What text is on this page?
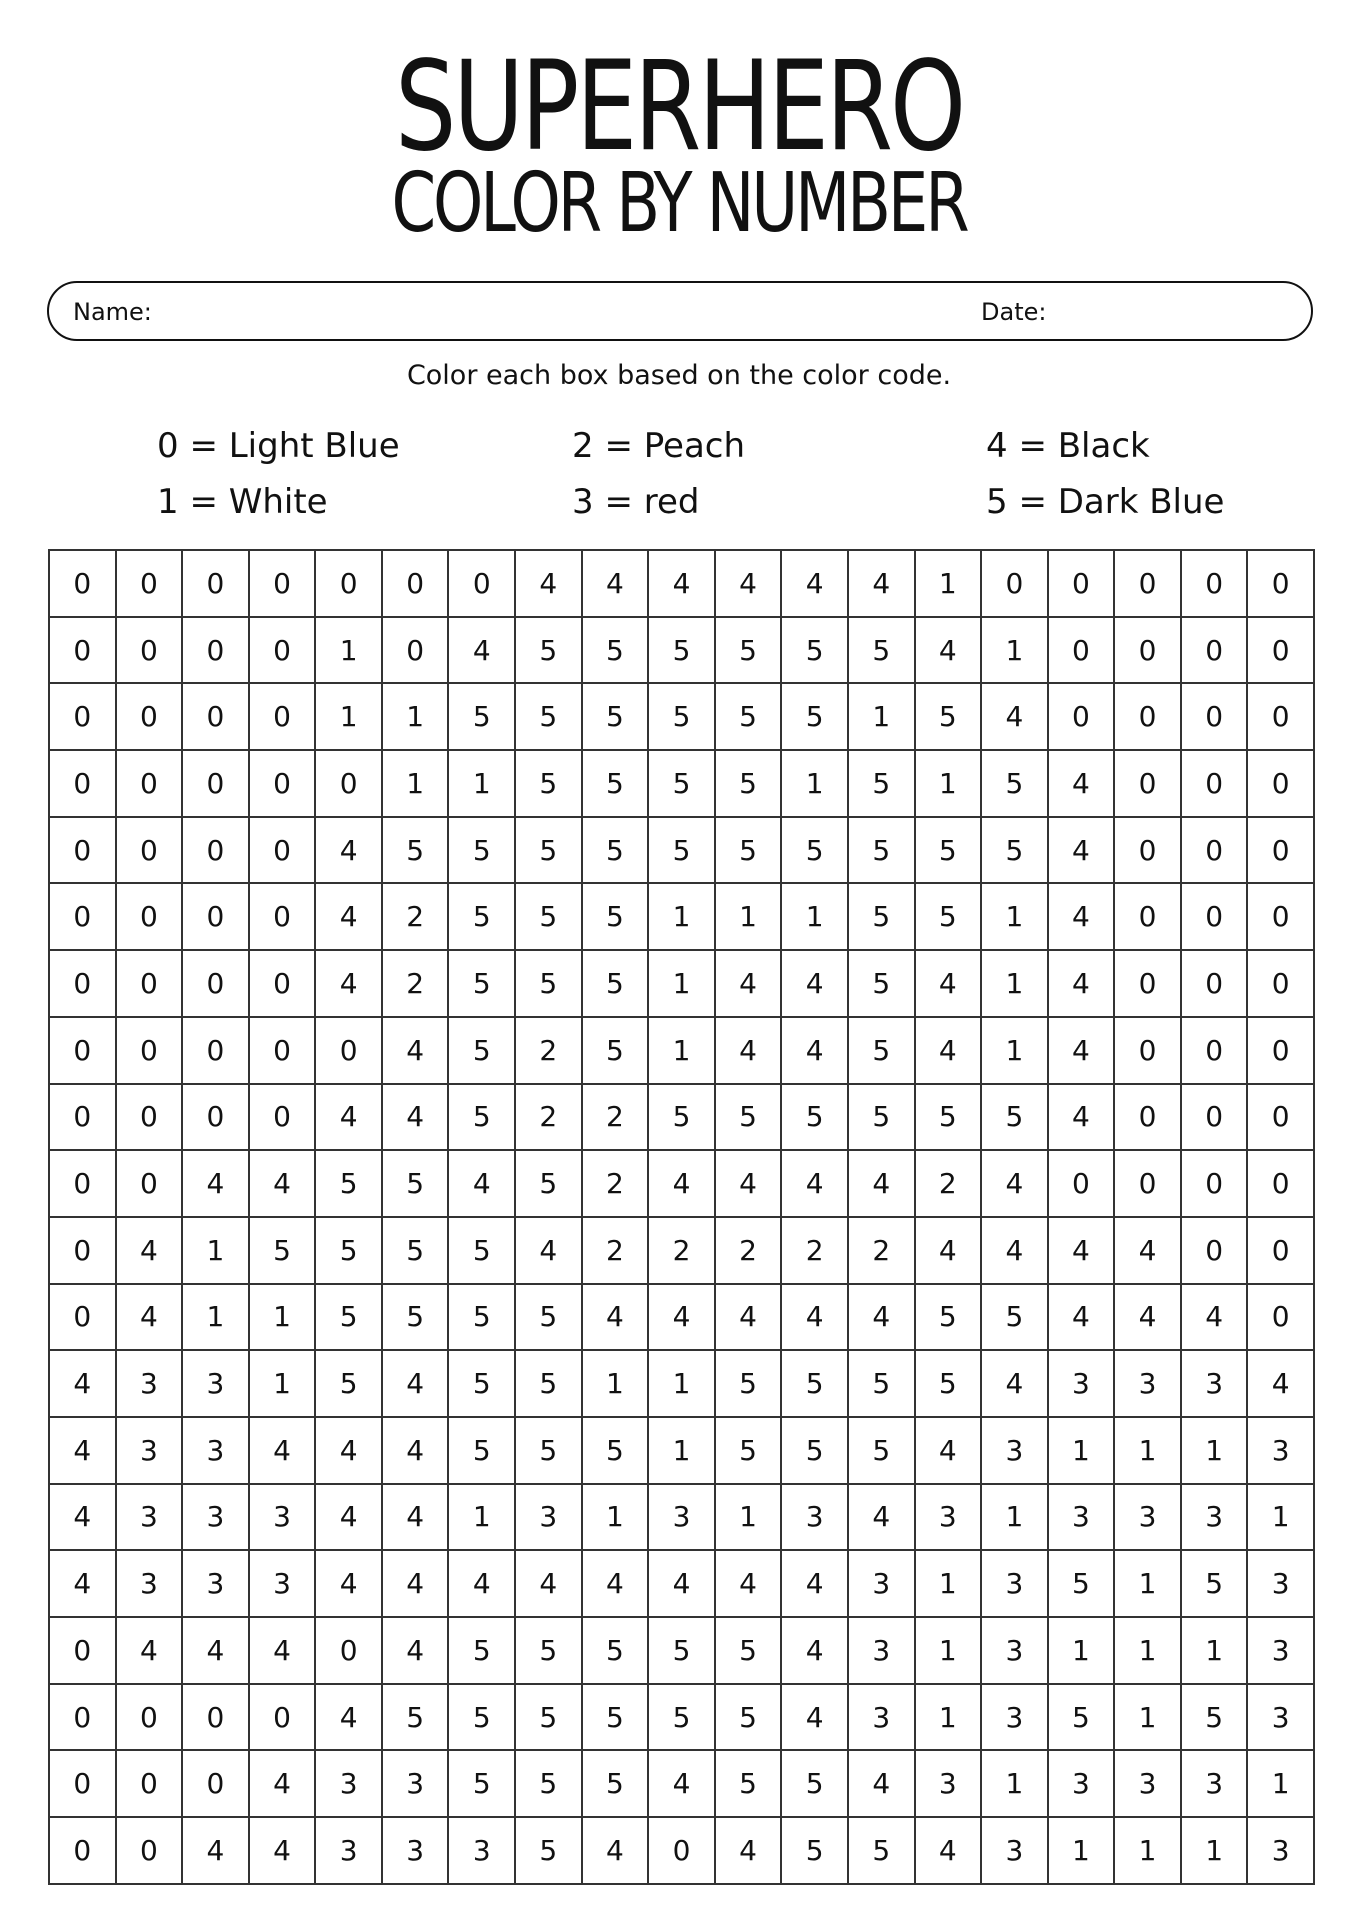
SUPERHERO
COLOR BY NUMBER
Name:	Date:
Color each box based on the color code.
0 = Light Blue
1 = White
2 = Peach
3 = red
4 = Black
5 = Dark Blue
0	0	0	0	0	0	0	4	4	4	4	4	4	1	0	0	0	0	0
0	0	0	0	1	0	4	5	5	5	5	5	5	4	1	0	0	0	0
0	0	0	0	1	1	5	5	5	5	5	5	1	5	4	0	0	0	0
0	0	0	0	0	1	1	5	5	5	5	1	5	1	5	4	0	0	0
0	0	0	0	4	5	5	5	5	5	5	5	5	5	5	4	0	0	0
0	0	0	0	4	2	5	5	5	1	1	1	5	5	1	4	0	0	0
0	0	0	0	4	2	5	5	5	1	4	4	5	4	1	4	0	0	0
0	0	0	0	0	4	5	2	5	1	4	4	5	4	1	4	0	0	0
0	0	0	0	4	4	5	2	2	5	5	5	5	5	5	4	0	0	0
0	0	4	4	5	5	4	5	2	4	4	4	4	2	4	0	0	0	0
0	4	1	5	5	5	5	4	2	2	2	2	2	4	4	4	4	0	0
0	4	1	1	5	5	5	5	4	4	4	4	4	5	5	4	4	4	0
4	3	3	1	5	4	5	5	1	1	5	5	5	5	4	3	3	3	4
4	3	3	4	4	4	5	5	5	1	5	5	5	4	3	1	1	1	3
4	3	3	3	4	4	1	3	1	3	1	3	4	3	1	3	3	3	1
4	3	3	3	4	4	4	4	4	4	4	4	3	1	3	5	1	5	3
0	4	4	4	0	4	5	5	5	5	5	4	3	1	3	1	1	1	3
0	0	0	0	4	5	5	5	5	5	5	4	3	1	3	5	1	5	3
0	0	0	4	3	3	5	5	5	4	5	5	4	3	1	3	3	3	1
0	0	4	4	3	3	3	5	4	0	4	5	5	4	3	1	1	1	3
